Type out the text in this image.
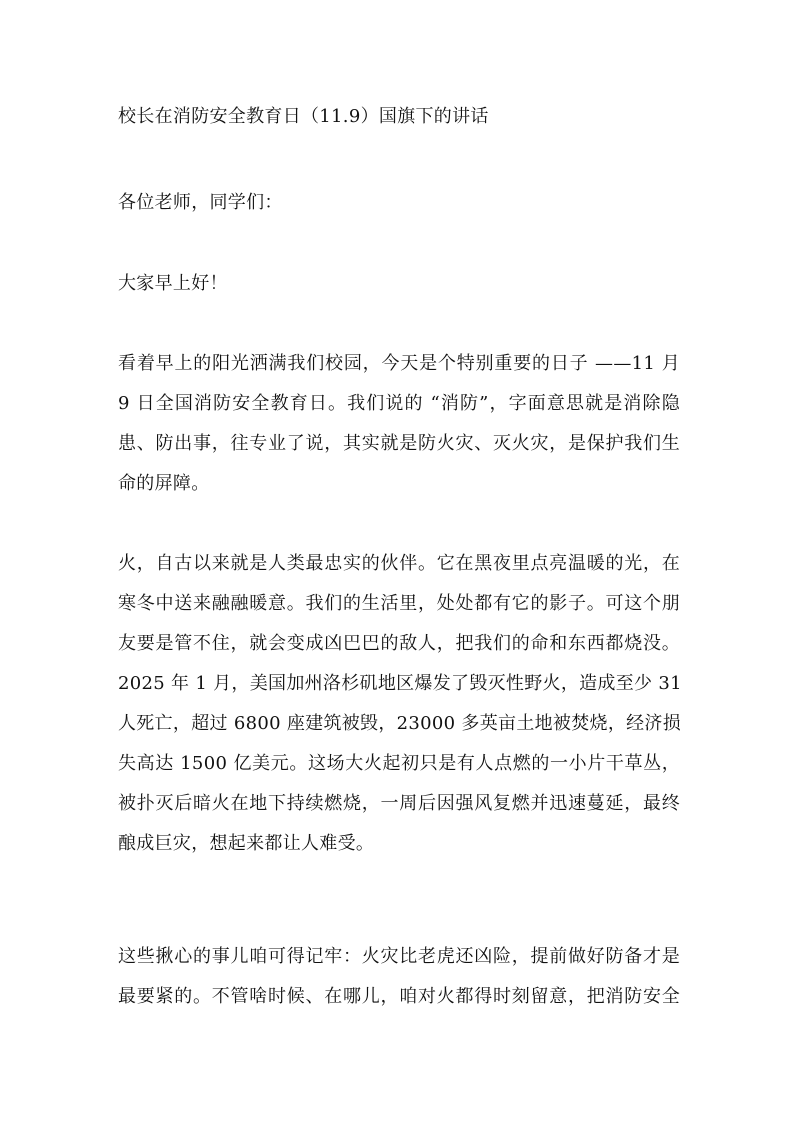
校长在消防安全教育日（11.9）国旗下的讲话
各位老师，同学们：
大家早上好！
看着早上的阳光洒满我们校园，今天是个特别重要的日子 ——11 月
9 日全国消防安全教育日。我们说的 “消防”，字面意思就是消除隐
患、防出事，往专业了说，其实就是防火灾、灭火灾，是保护我们生
命的屏障。
火，自古以来就是人类最忠实的伙伴。它在黑夜里点亮温暖的光，在
寒冬中送来融融暖意。我们的生活里，处处都有它的影子。可这个朋
友要是管不住，就会变成凶巴巴的敌人，把我们的命和东西都烧没。
2025 年 1 月，美国加州洛杉矶地区爆发了毁灭性野火，造成至少 31
人死亡，超过 6800 座建筑被毁，23000 多英亩土地被焚烧，经济损
失高达 1500 亿美元。这场大火起初只是有人点燃的一小片干草丛，
被扑灭后暗火在地下持续燃烧，一周后因强风复燃并迅速蔓延，最终
酿成巨灾，想起来都让人难受。
这些揪心的事儿咱可得记牢：火灾比老虎还凶险，提前做好防备才是
最要紧的。不管啥时候、在哪儿，咱对火都得时刻留意，把消防安全
